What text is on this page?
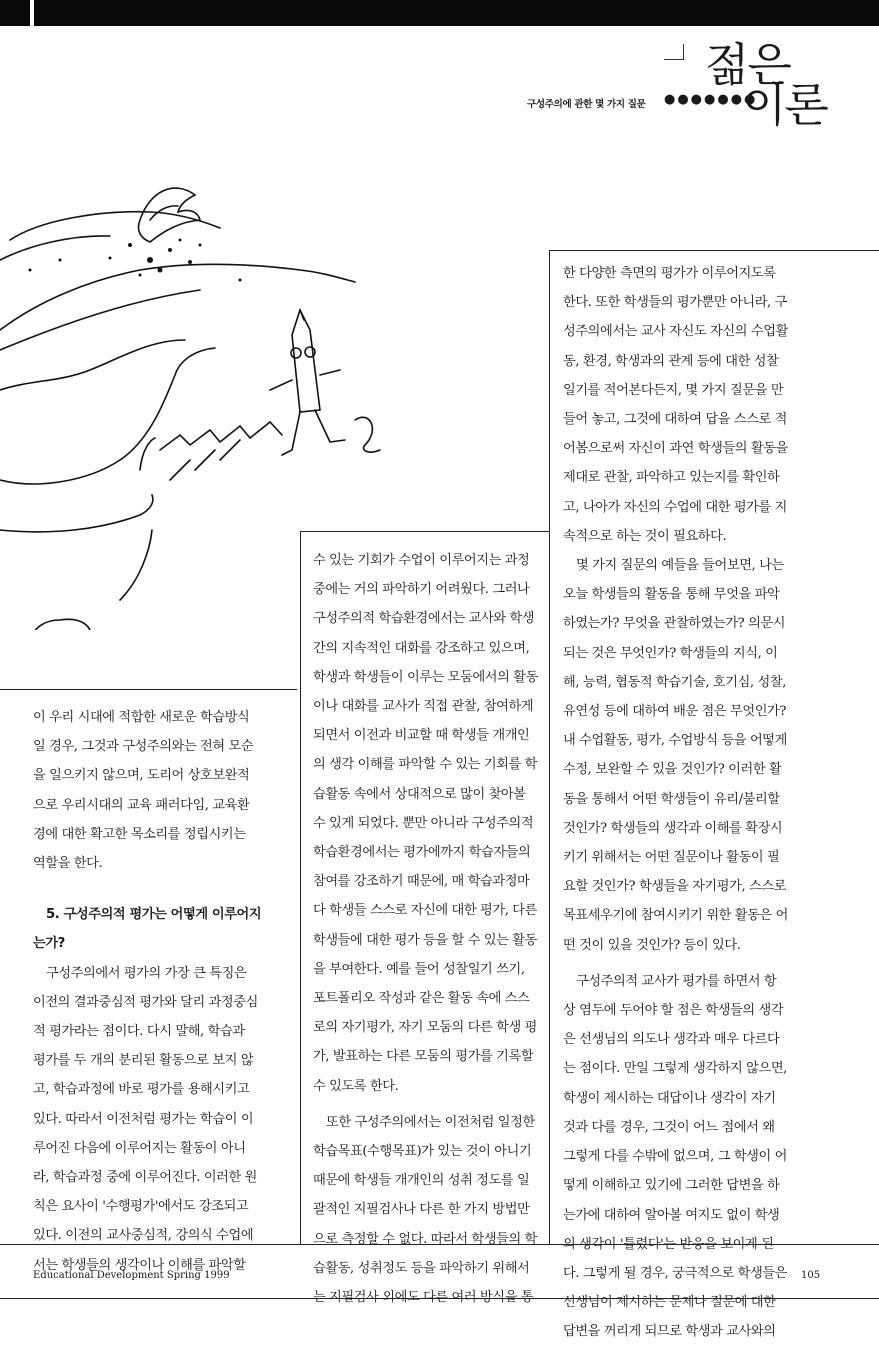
구성주의에 관한 몇 가지 질문 ●●●●●●●
젊은
이론

이 우리 시대에 적합한 새로운 학습방식

일 경우, 그것과 구성주의와는 전혀 모순

을 일으키지 않으며, 도리어 상호보완적

으로 우리시대의 교육 패러다임, 교육환

경에 대한 확고한 목소리를 정립시키는

역할을 한다.

5. 구성주의적 평가는 어떻게 이루어지

는가?

구성주의에서 평가의 가장 큰 특징은

이전의 결과중심적 평가와 달리 과정중심

적 평가라는 점이다. 다시 말해, 학습과

평가를 두 개의 분리된 활동으로 보지 않

고, 학습과정에 바로 평가를 용해시키고

있다. 따라서 이전처럼 평가는 학습이 이

루어진 다음에 이루어지는 활동이 아니

라, 학습과정 중에 이루어진다. 이러한 원

칙은 요사이 '수행평가'에서도 강조되고

있다. 이전의 교사중심적, 강의식 수업에

서는 학생들의 생각이나 이해를 파악할

수 있는 기회가 수업이 이루어지는 과정

중에는 거의 파악하기 어려웠다. 그러나

구성주의적 학습환경에서는 교사와 학생

간의 지속적인 대화를 강조하고 있으며,

학생과 학생들이 이루는 모둠에서의 활동

이나 대화를 교사가 직접 관찰, 참여하게

되면서 이전과 비교할 때 학생들 개개인

의 생각 이해를 파악할 수 있는 기회를 학

습활동 속에서 상대적으로 많이 찾아볼

수 있게 되었다. 뿐만 아니라 구성주의적

학습환경에서는 평가에까지 학습자들의

참여를 강조하기 때문에, 매 학습과정마

다 학생들 스스로 자신에 대한 평가, 다른

학생들에 대한 평가 등을 할 수 있는 활동

을 부여한다. 예를 들어 성찰일기 쓰기,

포트폴리오 작성과 같은 활동 속에 스스

로의 자기평가, 자기 모둠의 다른 학생 평

가, 발표하는 다른 모둠의 평가를 기록할

수 있도록 한다.

또한 구성주의에서는 이전처럼 일정한

학습목표(수행목표)가 있는 것이 아니기

때문에 학생들 개개인의 성취 정도를 일

괄적인 지필검사나 다른 한 가지 방법만

으로 측정할 수 없다. 따라서 학생들의 학

습활동, 성취정도 등을 파악하기 위해서

는 지필검사 외에도 다른 여러 방식을 통

한 다양한 측면의 평가가 이루어지도록

한다. 또한 학생들의 평가뿐만 아니라, 구

성주의에서는 교사 자신도 자신의 수업활

동, 환경, 학생과의 관계 등에 대한 성찰

일기를 적어본다든지, 몇 가지 질문을 만

들어 놓고, 그것에 대하여 답을 스스로 적

어봄으로써 자신이 과연 학생들의 활동을

제대로 관찰, 파악하고 있는지를 확인하

고, 나아가 자신의 수업에 대한 평가를 지

속적으로 하는 것이 필요하다.

몇 가지 질문의 예들을 들어보면, 나는

오늘 학생들의 활동을 통해 무엇을 파악

하였는가? 무엇을 관찰하였는가? 의문시

되는 것은 무엇인가? 학생들의 지식, 이

해, 능력, 협동적 학습기술, 호기심, 성찰,

유연성 등에 대하여 배운 점은 무엇인가?

내 수업활동, 평가, 수업방식 등을 어떻게

수정, 보완할 수 있을 것인가? 이러한 활

동을 통해서 어떤 학생들이 유리/불리할

것인가? 학생들의 생각과 이해를 확장시

키기 위해서는 어떤 질문이나 활동이 필

요할 것인가? 학생들을 자기평가, 스스로

목표세우기에 참여시키기 위한 활동은 어

떤 것이 있을 것인가? 등이 있다.

구성주의적 교사가 평가를 하면서 항

상 염두에 두어야 할 점은 학생들의 생각

은 선생님의 의도나 생각과 매우 다르다

는 점이다. 만일 그렇게 생각하지 않으면,

학생이 제시하는 대답이나 생각이 자기

것과 다를 경우, 그것이 어느 점에서 왜

그렇게 다를 수밖에 없으며, 그 학생이 어

떻게 이해하고 있기에 그러한 답변을 하

는가에 대하여 알아볼 여지도 없이 학생

의 생각이 '틀렸다'는 반응을 보이게 된

다. 그렇게 될 경우, 궁극적으로 학생들은

선생님이 제시하는 문제나 질문에 대한

답변을 꺼리게 되므로 학생과 교사와의

Educational Development Spring 1999	105
